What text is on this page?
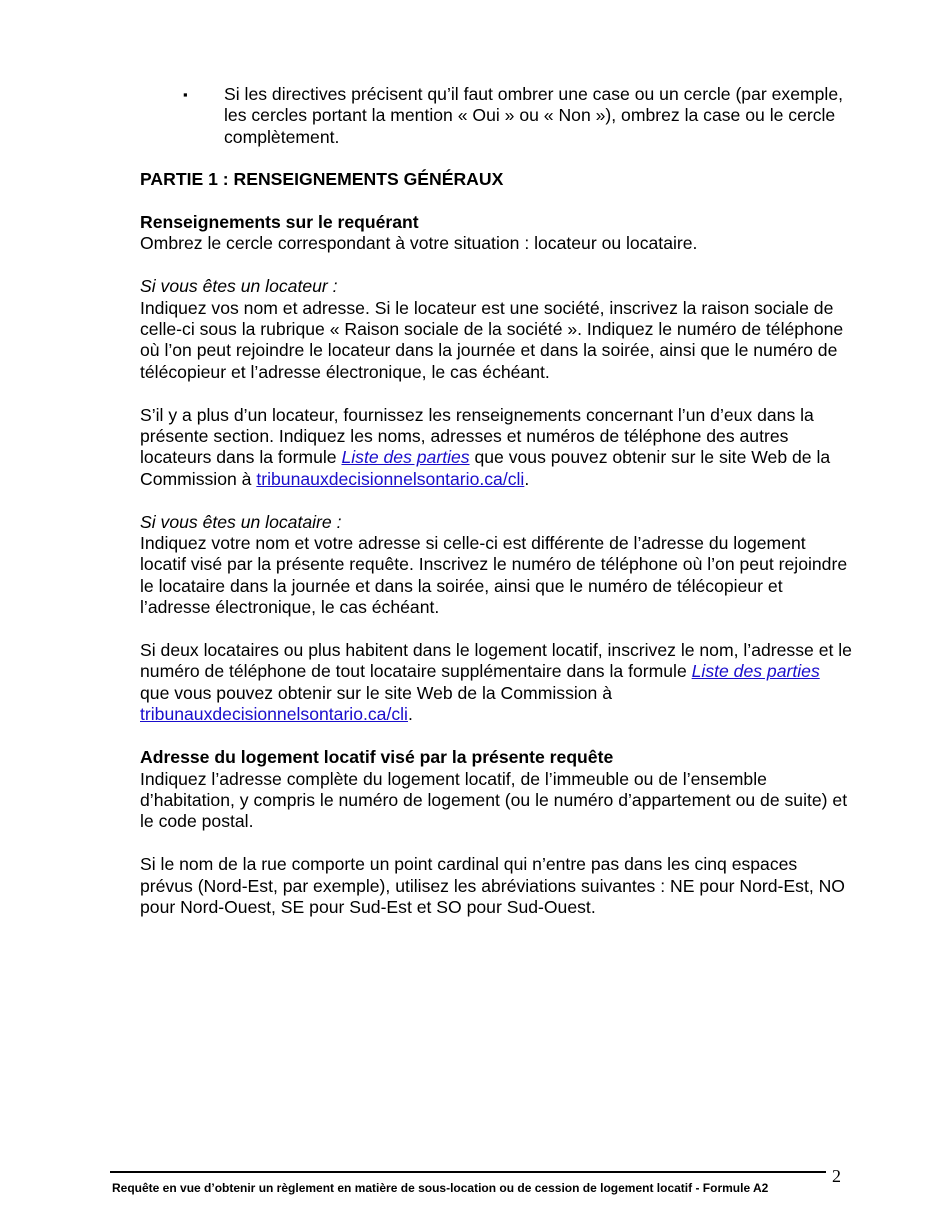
▪ Si les directives précisent qu’il faut ombrer une case ou un cercle (par exemple, les cercles portant la mention « Oui » ou « Non »), ombrez la case ou le cercle complètement.

PARTIE 1 : RENSEIGNEMENTS GÉNÉRAUX

Renseignements sur le requérant

Ombrez le cercle correspondant à votre situation : locateur ou locataire.

Si vous êtes un locateur :

Indiquez vos nom et adresse. Si le locateur est une société, inscrivez la raison sociale de celle-ci sous la rubrique « Raison sociale de la société ». Indiquez le numéro de téléphone où l’on peut rejoindre le locateur dans la journée et dans la soirée, ainsi que le numéro de télécopieur et l’adresse électronique, le cas échéant.

S’il y a plus d’un locateur, fournissez les renseignements concernant l’un d’eux dans la présente section. Indiquez les noms, adresses et numéros de téléphone des autres locateurs dans la formule Liste des parties que vous pouvez obtenir sur le site Web de la Commission à tribunauxdecisionnelsontario.ca/cli.

Si vous êtes un locataire :

Indiquez votre nom et votre adresse si celle-ci est différente de l’adresse du logement locatif visé par la présente requête. Inscrivez le numéro de téléphone où l’on peut rejoindre le locataire dans la journée et dans la soirée, ainsi que le numéro de télécopieur et l’adresse électronique, le cas échéant.

Si deux locataires ou plus habitent dans le logement locatif, inscrivez le nom, l’adresse et le numéro de téléphone de tout locataire supplémentaire dans la formule Liste des parties que vous pouvez obtenir sur le site Web de la Commission à tribunauxdecisionnelsontario.ca/cli.

Adresse du logement locatif visé par la présente requête

Indiquez l’adresse complète du logement locatif, de l’immeuble ou de l’ensemble d’habitation, y compris le numéro de logement (ou le numéro d’appartement ou de suite) et le code postal.

Si le nom de la rue comporte un point cardinal qui n’entre pas dans les cinq espaces prévus (Nord-Est, par exemple), utilisez les abréviations suivantes : NE pour Nord-Est, NO pour Nord-Ouest, SE pour Sud-Est et SO pour Sud-Ouest.

2
Requête en vue d’obtenir un règlement en matière de sous-location ou de cession de logement locatif - Formule A2
